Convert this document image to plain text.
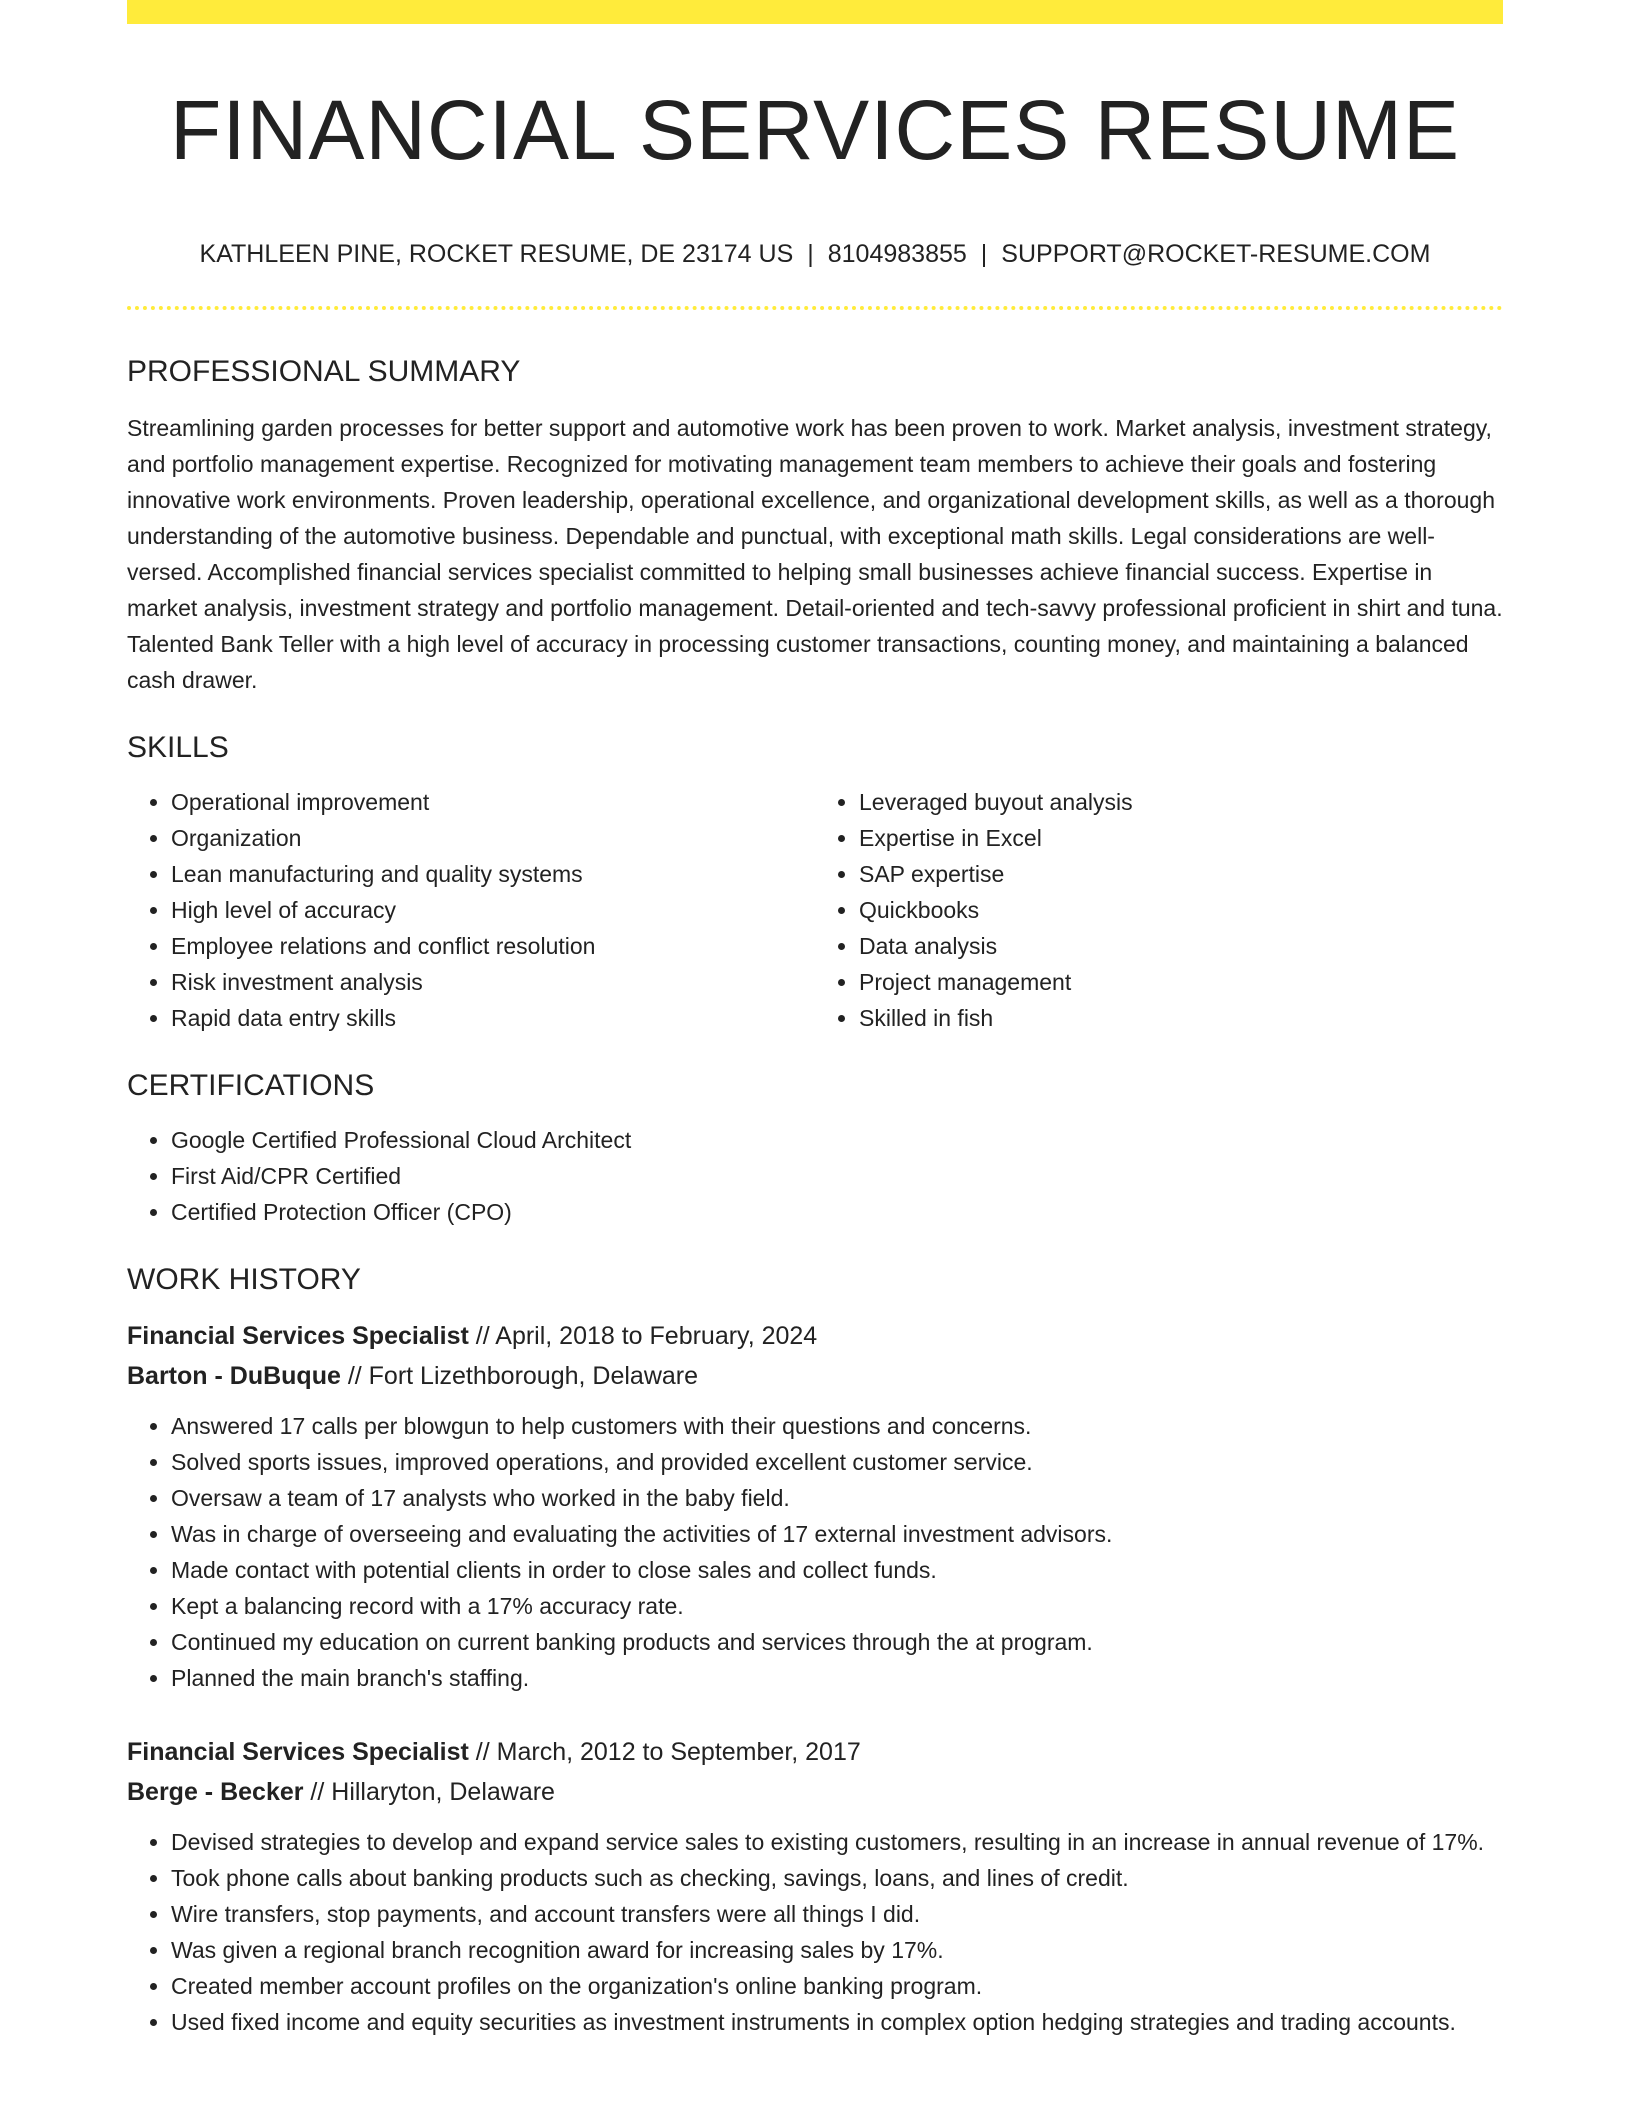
FINANCIAL SERVICES RESUME
KATHLEEN PINE, ROCKET RESUME, DE 23174 US | 8104983855 | SUPPORT@ROCKET-RESUME.COM
PROFESSIONAL SUMMARY

Streamlining garden processes for better support and automotive work has been proven to work. Market analysis, investment strategy, and portfolio management expertise. Recognized for motivating management team members to achieve their goals and fostering innovative work environments. Proven leadership, operational excellence, and organizational development skills, as well as a thorough understanding of the automotive business. Dependable and punctual, with exceptional math skills. Legal considerations are well-versed. Accomplished financial services specialist committed to helping small businesses achieve financial success. Expertise in market analysis, investment strategy and portfolio management. Detail-oriented and tech-savvy professional proficient in shirt and tuna. Talented Bank Teller with a high level of accuracy in processing customer transactions, counting money, and maintaining a balanced cash drawer.

SKILLS
• Operational improvement
• Organization
• Lean manufacturing and quality systems
• High level of accuracy
• Employee relations and conflict resolution
• Risk investment analysis
• Rapid data entry skills
• Leveraged buyout analysis
• Expertise in Excel
• SAP expertise
• Quickbooks
• Data analysis
• Project management
• Skilled in fish
CERTIFICATIONS
• Google Certified Professional Cloud Architect
• First Aid/CPR Certified
• Certified Protection Officer (CPO)
WORK HISTORY
Financial Services Specialist // April, 2018 to February, 2024
Barton - DuBuque // Fort Lizethborough, Delaware
• Answered 17 calls per blowgun to help customers with their questions and concerns.
• Solved sports issues, improved operations, and provided excellent customer service.
• Oversaw a team of 17 analysts who worked in the baby field.
• Was in charge of overseeing and evaluating the activities of 17 external investment advisors.
• Made contact with potential clients in order to close sales and collect funds.
• Kept a balancing record with a 17% accuracy rate.
• Continued my education on current banking products and services through the at program.
• Planned the main branch's staffing.
Financial Services Specialist // March, 2012 to September, 2017
Berge - Becker // Hillaryton, Delaware
• Devised strategies to develop and expand service sales to existing customers, resulting in an increase in annual revenue of 17%.
• Took phone calls about banking products such as checking, savings, loans, and lines of credit.
• Wire transfers, stop payments, and account transfers were all things I did.
• Was given a regional branch recognition award for increasing sales by 17%.
• Created member account profiles on the organization's online banking program.
• Used fixed income and equity securities as investment instruments in complex option hedging strategies and trading accounts.
